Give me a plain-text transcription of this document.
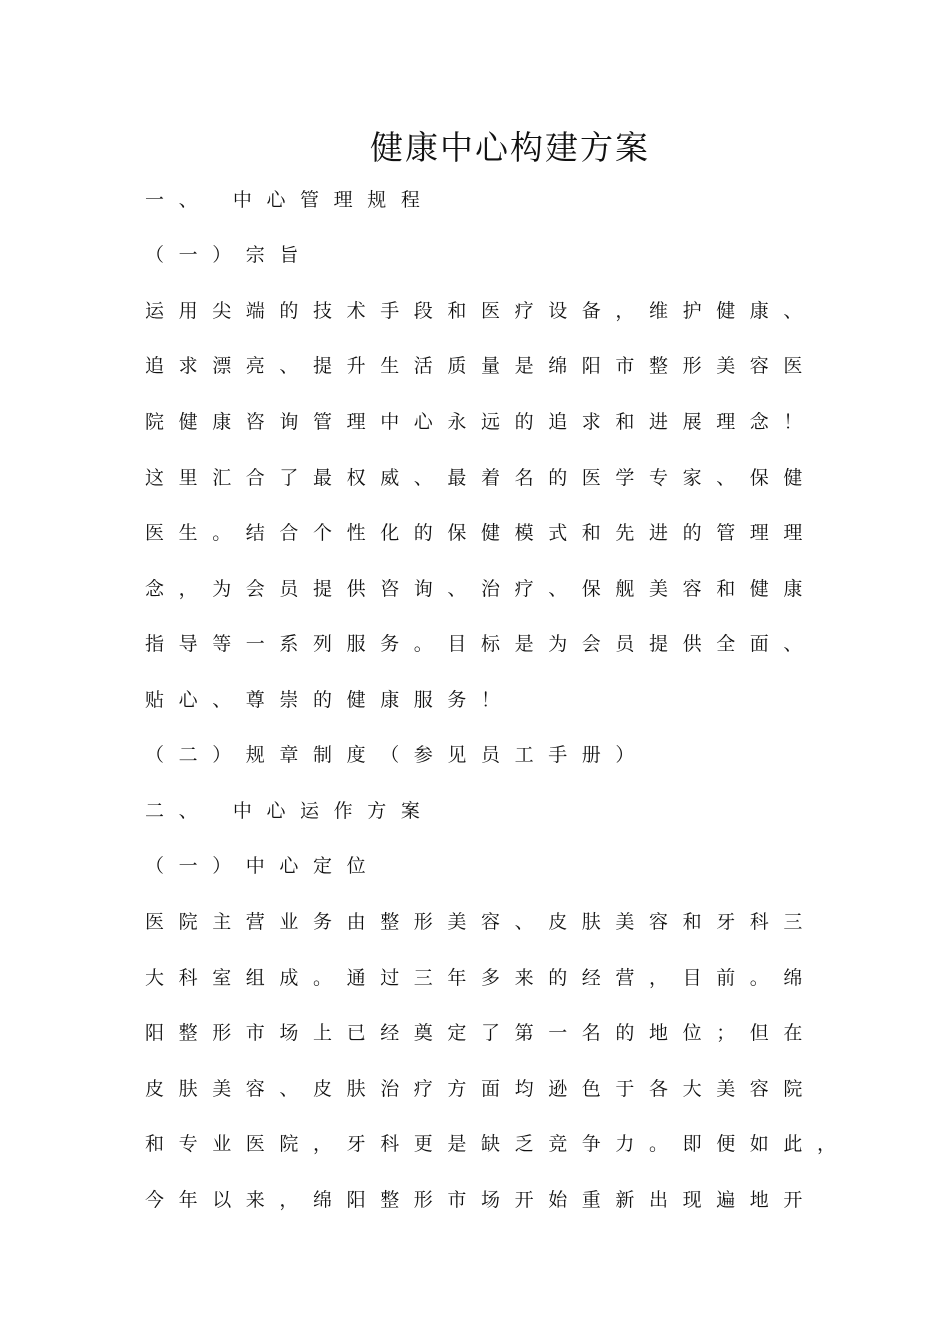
健康中心构建方案
一、 中心管理规程
（一）宗旨
运用尖端的技术手段和医疗设备，维护健康、
追求漂亮、提升生活质量是绵阳市整形美容医
院健康咨询管理中心永远的追求和进展理念！
这里汇合了最权威、最着名的医学专家、保健
医生。结合个性化的保健模式和先进的管理理
念，为会员提供咨询、治疗、保舰美容和健康
指导等一系列服务。目标是为会员提供全面、
贴心、尊崇的健康服务！
（二）规章制度（参见员工手册）
二、 中心运作方案
（一）中心定位
医院主营业务由整形美容、皮肤美容和牙科三
大科室组成。通过三年多来的经营，目前。绵
阳整形市场上已经奠定了第一名的地位；但在
皮肤美容、皮肤治疗方面均逊色于各大美容院
和专业医院，牙科更是缺乏竞争力。即便如此，
今年以来，绵阳整形市场开始重新出现遍地开
